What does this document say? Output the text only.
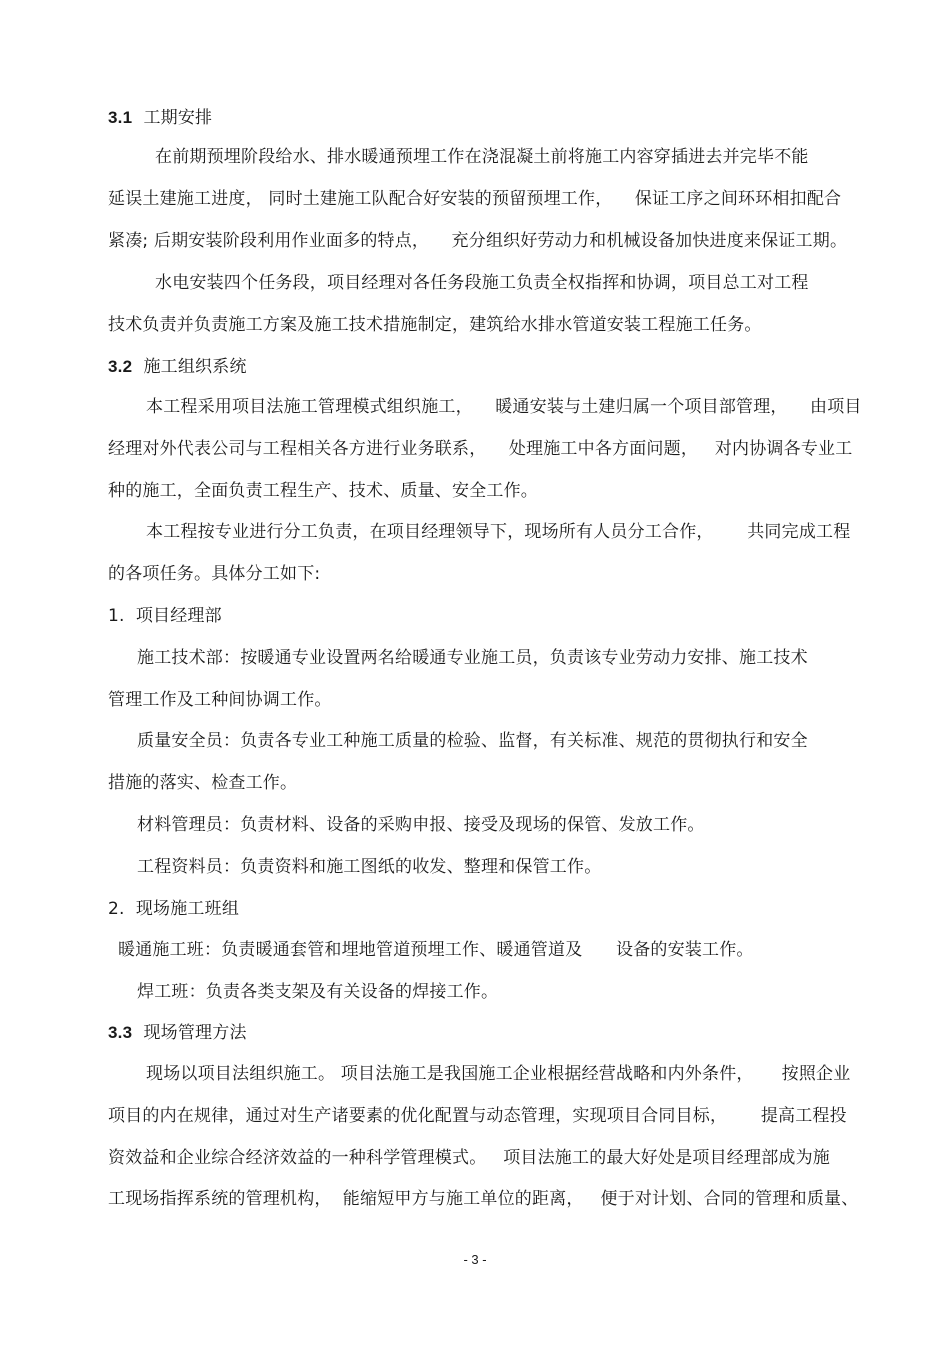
3.1 工期安排
在前期预埋阶段给水、排水暖通预埋工作在浇混凝土前将施工内容穿插进去并完毕不能
延误土建施工进度， 同时土建施工队配合好安装的预留预埋工作，    保证工序之间环环相扣配合
紧凑; 后期安装阶段利用作业面多的特点，    充分组织好劳动力和机械设备加快进度来保证工期。
水电安装四个任务段，项目经理对各任务段施工负责全权指挥和协调，项目总工对工程
技术负责并负责施工方案及施工技术措施制定，建筑给水排水管道安装工程施工任务。
3.2 施工组织系统
本工程采用项目法施工管理模式组织施工，    暖通安装与土建归属一个项目部管理，    由项目
经理对外代表公司与工程相关各方进行业务联系，    处理施工中各方面问题，   对内协调各专业工
种的施工，全面负责工程生产、技术、质量、安全工作。
本工程按专业进行分工负责，在项目经理领导下，现场所有人员分工合作，      共同完成工程
的各项任务。具体分工如下:
1.  项目经理部
施工技术部：按暖通专业设置两名给暖通专业施工员，负责该专业劳动力安排、施工技术
管理工作及工种间协调工作。
质量安全员：负责各专业工种施工质量的检验、监督，有关标准、规范的贯彻执行和安全
措施的落实、检查工作。
材料管理员：负责材料、设备的采购申报、接受及现场的保管、发放工作。
工程资料员：负责资料和施工图纸的收发、整理和保管工作。
2.  现场施工班组
暖通施工班：负责暖通套管和埋地管道预埋工作、暖通管道及      设备的安装工作。
焊工班：负责各类支架及有关设备的焊接工作。
3.3 现场管理方法
现场以项目法组织施工。 项目法施工是我国施工企业根据经营战略和内外条件，     按照企业
项目的内在规律，通过对生产诸要素的优化配置与动态管理，实现项目合同目标，      提高工程投
资效益和企业综合经济效益的一种科学管理模式。   项目法施工的最大好处是项目经理部成为施
工现场指挥系统的管理机构，  能缩短甲方与施工单位的距离，   便于对计划、合同的管理和质量、
- 3 -
